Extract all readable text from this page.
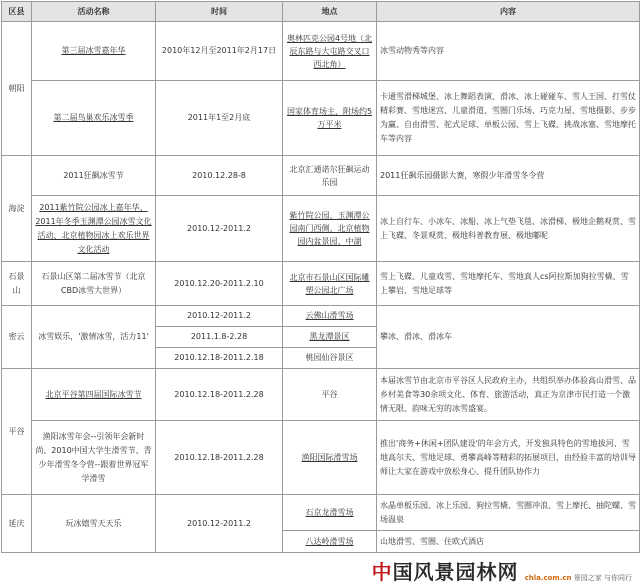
区县	活动名称	时间	地点	内容
朝阳	第三届冰雪嘉年华	2010年12月至2011年2月17日	奥林匹克公园4号地（北辰东路与大屯路交叉口西北角）	冰雪动物秀等内容
	第二届鸟巢欢乐冰雪季	2011年1至2月底	国家体育场主、附场约5万平米	卡通雪滑梯城堡、冰上舞蹈表演、滑冰、冰上碰碰车、雪人王国、打雪仗精彩赛、雪地迷宫、儿童滑道、雪圈门乐场、巧克力屋、雪地摄影、步步为赢、自由滑雪、驼式足球、单板公园、雪上飞碟、挑战冰塞、雪地摩托车等内容
海淀	2011狂飙冰雪节	2010.12.28-8	北京汇通诺尔狂飙运动乐园	2011狂飙乐园摄影大赛，寒假少年滑雪冬令营
	2011紫竹院公园冰上嘉年华、2011年冬季玉渊潭公园冰雪文化活动、北京植物园冰上欢乐世界文化活动	2010.12-2011.2	紫竹院公园、玉渊潭公园南门西侧、北京植物园内盆景园、中湖	冰上自行车、小冰车、冰船、冰上气垫飞毯、冰滑梯、极地企鹅观赏、雪上飞碟、冬景观赏、极地科普教育展、极地嘟呢
石景山	石景山区第二届冰雪节（北京CBD冰雪大世界）	2010.12.20-2011.2.10	北京市石景山区国际雕塑公园北广场	雪上飞碟、儿童戏雪、雪地摩托车、雪地真人cs阿拉斯加狗拉雪橇、雪上攀岩、雪地足球等
密云	冰雪娱乐，'激情冰雪，活力11'	2010.12-2011.2	云佛山滑雪场	攀冰、滑冰、滑冰车
		2011.1.8-2.28	黑龙潭景区	
		2010.12.18-2011.2.18	桃园仙谷景区	
平谷	北京平谷第四届国际冰雪节	2010.12.18-2011.2.28	平谷	本届冰雪节由北京市平谷区人民政府主办，共组织举办体验高山滑雪、品乡村美食等30余项文化、体育、旅游活动，真正为京津市民打造一个激情无限、韵味无穷的冰雪盛宴。
	渔阳冰雪年会--引领年会新时尚、2010中国大学生滑雪节、青少年滑雪冬令营--跟着世界冠军学滑雪	2010.12.18-2011.2.28	渔阳国际滑雪场	推出'商务+休闲+团队建设'的年会方式，开发独具特色的雪地拔河、雪地高尔夫、雪地足球、勇攀高峰等精彩的拓展项目，由经验丰富的培训导师让大家在游戏中放松身心、提升团队协作力
延庆	玩冰嬉雪天天乐	2010.12-2011.2	石京龙滑雪场	水晶单板乐园、冰上乐园、狗拉雪橇、雪圈冲浪、雪上摩托、抽陀螺、雪场温泉
			八达岭滑雪场	山地滑雪、雪圈、住欧式酒店
中国风景园林网 chla.com.cn 景园之家 与你同行
